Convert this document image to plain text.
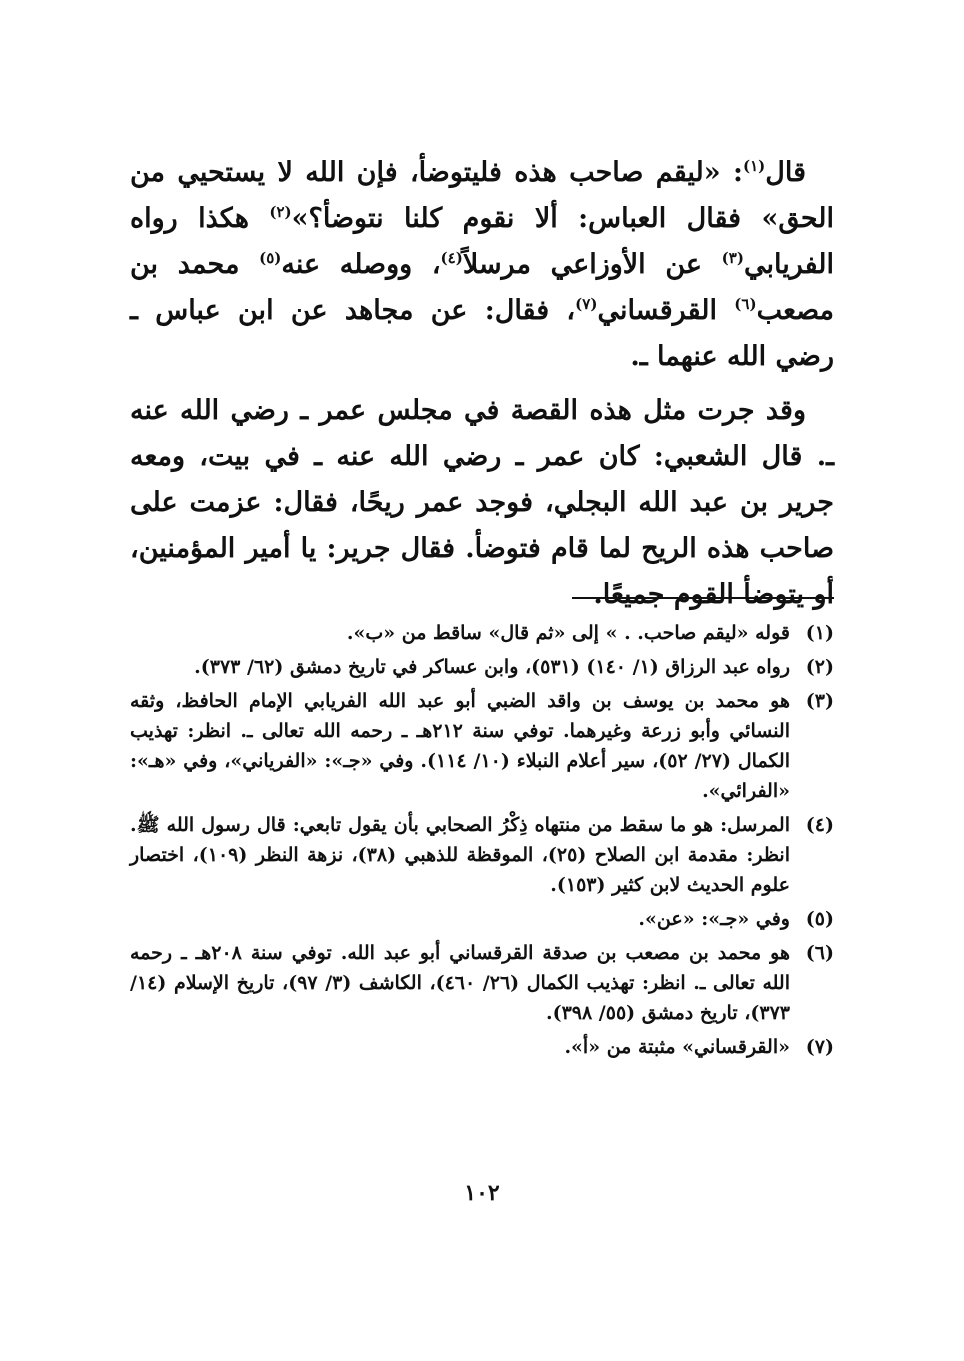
قال$^{(١)}$: «ليقم صاحب هذه فليتوضأ، فإن الله لا يستحيي من الحق» فقال العباس: ألا نقوم كلنا نتوضأ؟»$^{(٢)}$ هكذا رواه الفريابي$^{(٣)}$ عن الأوزاعي مرسلاً$^{(٤)}$، ووصله عنه$^{(٥)}$ محمد بن مصعب$^{(٦)}$ القرقساني$^{(٧)}$، فقال: عن مجاهد عن ابن عباس ـ رضي الله عنهما ـ.

وقد جرت مثل هذه القصة في مجلس عمر ـ رضي الله عنه ـ. قال الشعبي: كان عمر ـ رضي الله عنه ـ في بيت، ومعه جرير بن عبد الله البجلي، فوجد عمر ريحًا، فقال: عزمت على صاحب هذه الريح لما قام فتوضأ. فقال جرير: يا أمير المؤمنين، أو يتوضأ القوم جميعًا.

(١)
قوله «ليقم صاحب. . » إلى «ثم قال» ساقط من «ب».
(٢)
رواه عبد الرزاق (١/ ١٤٠) (٥٣١)، وابن عساكر في تاريخ دمشق (٦٢/ ٣٧٣).
(٣)
هو محمد بن يوسف بن واقد الضبي أبو عبد الله الفريابي الإمام الحافظ، وثقه النسائي وأبو زرعة وغيرهما. توفي سنة ٢١٢هـ ـ رحمه الله تعالى ـ. انظر: تهذيب الكمال (٢٧/ ٥٢)، سير أعلام النبلاء (١٠/ ١١٤). وفي «جـ»: «الفرياني»، وفي «هـ»: «الفرائي».
(٤)
المرسل: هو ما سقط من منتهاه ذِكْرُ الصحابي بأن يقول تابعي: قال رسول الله ﷺ. انظر: مقدمة ابن الصلاح (٢٥)، الموقظة للذهبي (٣٨)، نزهة النظر (١٠٩)، اختصار علوم الحديث لابن كثير (١٥٣).
(٥)
وفي «جـ»: «عن».
(٦)
هو محمد بن مصعب بن صدقة القرقساني أبو عبد الله. توفي سنة ٢٠٨هـ ـ رحمه الله تعالى ـ. انظر: تهذيب الكمال (٢٦/ ٤٦٠)، الكاشف (٣/ ٩٧)، تاريخ الإسلام (١٤/ ٣٧٣)، تاريخ دمشق (٥٥/ ٣٩٨).
(٧)
«القرقساني» مثبتة من «أ».
١٠٢
